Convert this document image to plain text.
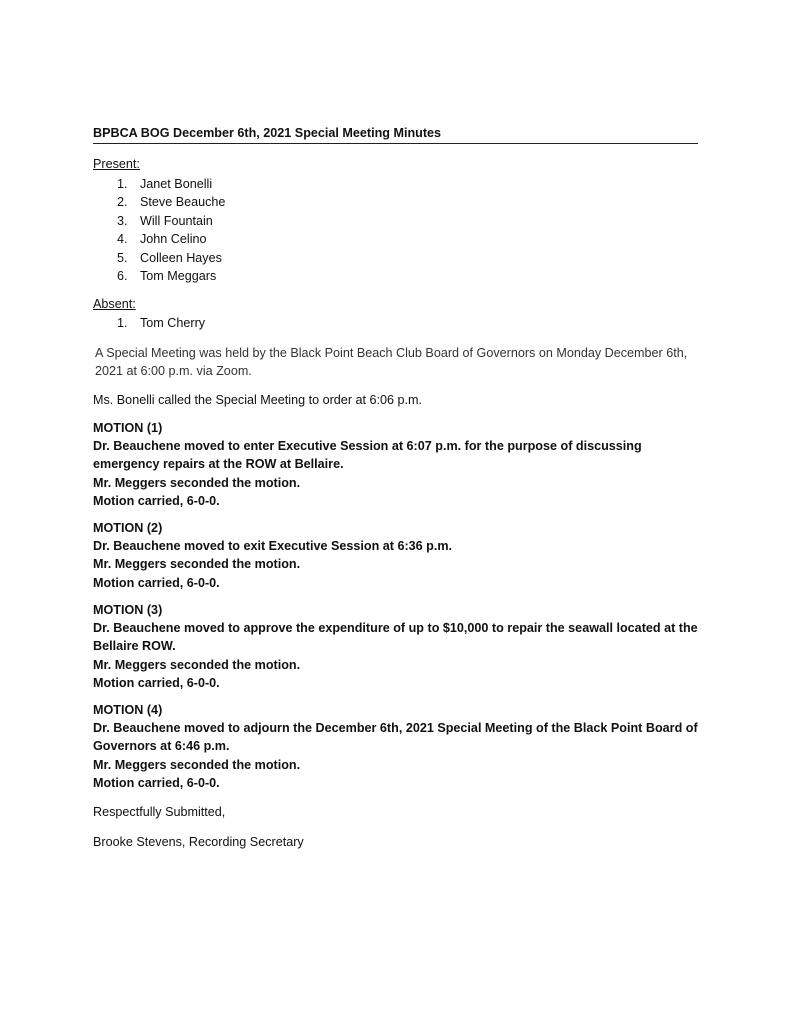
BPBCA BOG December 6th, 2021 Special Meeting Minutes
Present:
1. Janet Bonelli
2. Steve Beauche
3. Will Fountain
4. John Celino
5. Colleen Hayes
6. Tom Meggars
Absent:
1. Tom Cherry
A Special Meeting was held by the Black Point Beach Club Board of Governors on Monday December 6th, 2021 at 6:00 p.m. via Zoom.
Ms. Bonelli called the Special Meeting to order at 6:06 p.m.
MOTION (1)
Dr. Beauchene moved to enter Executive Session at 6:07 p.m. for the purpose of discussing emergency repairs at the ROW at Bellaire.
Mr. Meggers seconded the motion.
Motion carried, 6-0-0.
MOTION (2)
Dr. Beauchene moved to exit Executive Session at 6:36 p.m.
Mr. Meggers seconded the motion.
Motion carried, 6-0-0.
MOTION (3)
Dr. Beauchene moved to approve the expenditure of up to $10,000 to repair the seawall located at the Bellaire ROW.
Mr. Meggers seconded the motion.
Motion carried, 6-0-0.
MOTION (4)
Dr. Beauchene moved to adjourn the December 6th, 2021 Special Meeting of the Black Point Board of Governors at 6:46 p.m.
Mr. Meggers seconded the motion.
Motion carried, 6-0-0.
Respectfully Submitted,
Brooke Stevens, Recording Secretary
